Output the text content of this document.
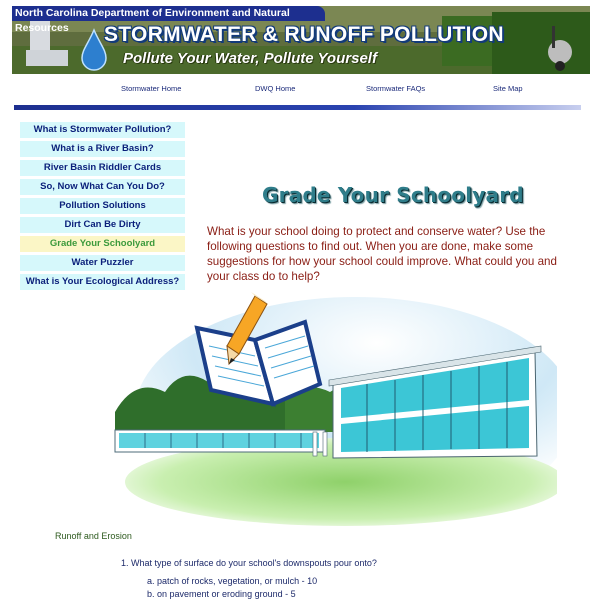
North Carolina Department of Environment and Natural Resources	STORMWATER & RUNOFF POLLUTION
Pollute Your Water, Pollute Yourself
Stormwater Home	DWQ Home	Stormwater FAQs	Site Map
What is Stormwater Pollution?
What is a River Basin?
River Basin Riddler Cards
So, Now What Can You Do?
Pollution Solutions
Dirt Can Be Dirty
Grade Your Schoolyard
Water Puzzler
What is Your Ecological Address?
Grade Your Schoolyard
What is your school doing to protect and conserve water? Use the following questions to find out. When you are done, make some suggestions for how your school could improve. What could you and your class do to help?
Runoff and Erosion
1. What type of surface do your school's downspouts pour onto?
a. patch of rocks, vegetation, or mulch - 10
b. on pavement or eroding ground - 5
